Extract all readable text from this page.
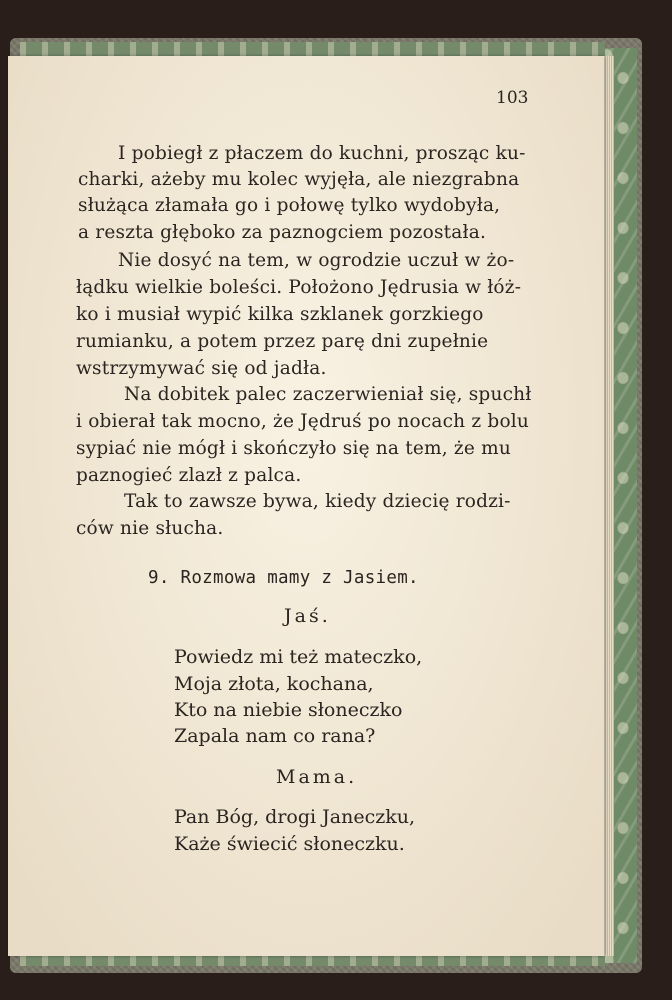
103
I pobiegł z płaczem do kuchni, prosząc ku-
charki, ażeby mu kolec wyjęła, ale niezgrabna
służąca złamała go i połowę tylko wydobyła,
a reszta głęboko za paznogciem pozostała.
Nie dosyć na tem, w ogrodzie uczuł w żo-
łądku wielkie boleści. Położono Jędrusia w łóż-
ko i musiał wypić kilka szklanek gorzkiego
rumianku, a potem przez parę dni zupełnie
wstrzymywać się od jadła.
Na dobitek palec zaczerwieniał się, spuchł
i obierał tak mocno, że Jędruś po nocach z bolu
sypiać nie mógł i skończyło się na tem, że mu
paznogieć zlazł z palca.
Tak to zawsze bywa, kiedy dziecię rodzi-
ców nie słucha.
9. Rozmowa mamy z Jasiem.
Jaś.
Powiedz mi też mateczko,
Moja złota, kochana,
Kto na niebie słoneczko
Zapala nam co rana?
Mama.
Pan Bóg, drogi Janeczku,
Każe świecić słoneczku.
